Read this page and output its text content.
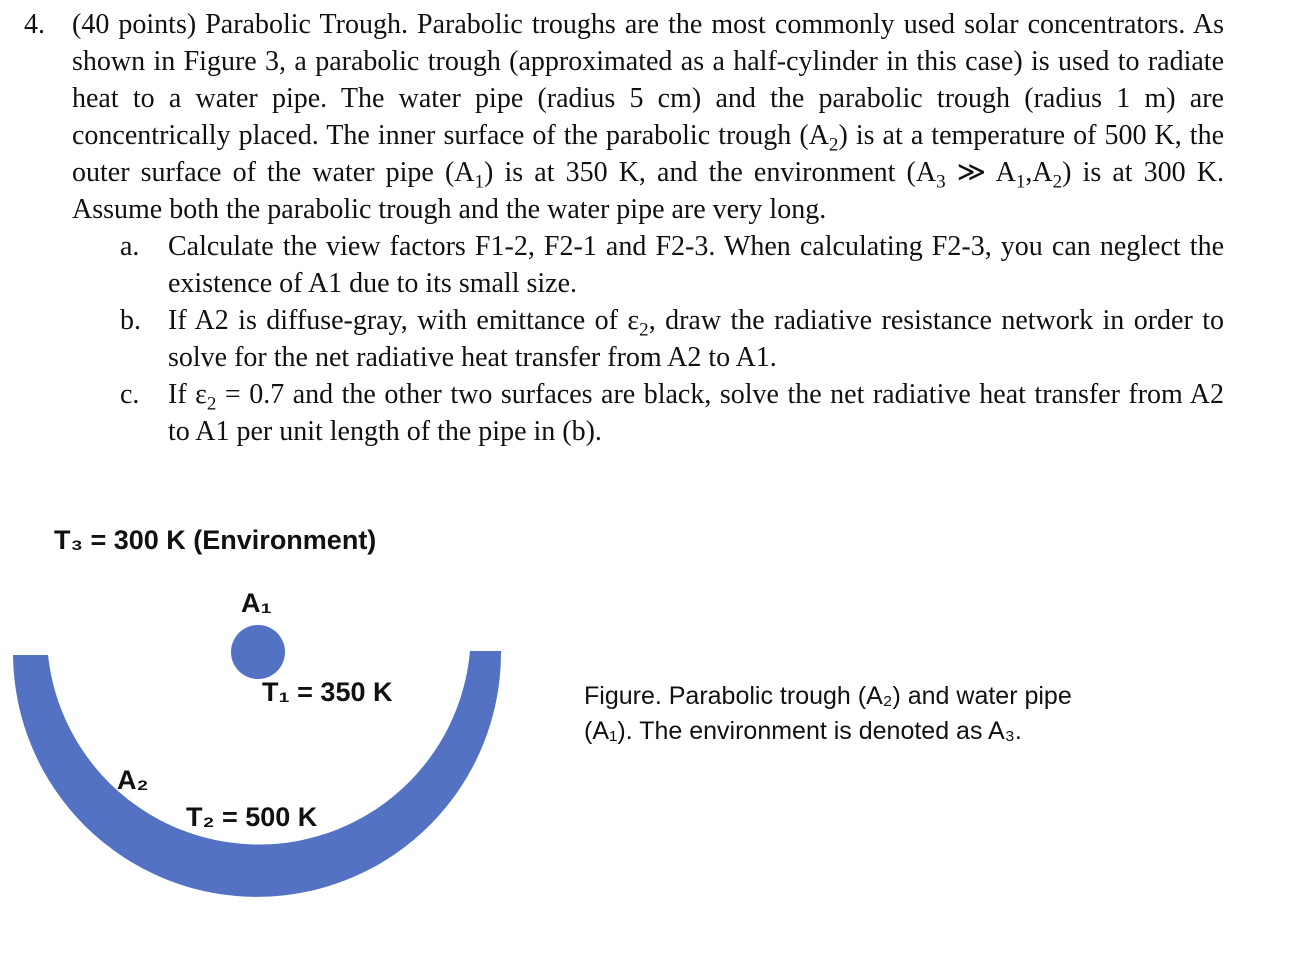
4. (40 points) Parabolic Trough. Parabolic troughs are the most commonly used solar concentrators. As shown in Figure 3, a parabolic trough (approximated as a half-cylinder in this case) is used to radiate heat to a water pipe. The water pipe (radius 5 cm) and the parabolic trough (radius 1 m) are concentrically placed. The inner surface of the parabolic trough $(A_2)$ is at a temperature of 500 K, the outer surface of the water pipe $(A_1)$ is at 350 K, and the environment ($A_3$ ≫ $A_1,A_2$) is at 300 K. Assume both the parabolic trough and the water pipe are very long.
a. Calculate the view factors F1-2, F2-1 and F2-3. When calculating F2-3, you can neglect the existence of A1 due to its small size.
b. If A2 is diffuse-gray, with emittance of $\varepsilon_2$, draw the radiative resistance network in order to solve for the net radiative heat transfer from A2 to A1.
c. If $\varepsilon_2 = 0.7$ and the other two surfaces are black, solve the net radiative heat transfer from A2 to A1 per unit length of the pipe in (b).
T₃ = 300 K (Environment)
A₁
T₁ = 350 K
A₂
T₂ = 500 K
Figure. Parabolic trough (A₂) and water pipe
(A₁). The environment is denoted as A₃.
